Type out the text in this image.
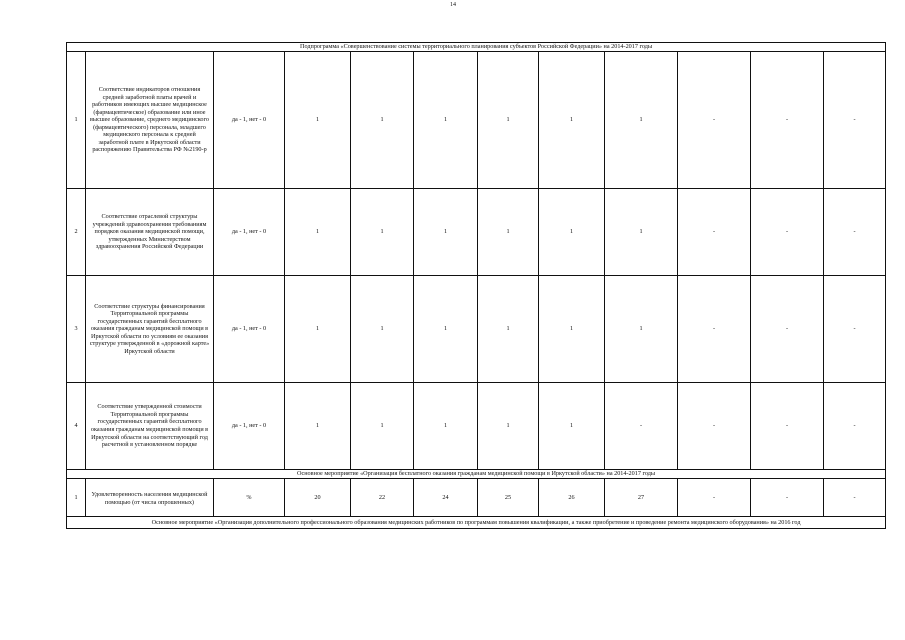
14
Подпрограмма «Совершенствование системы территориального планирования субъектов Российской Федерации» на 2014-2017 годы											
1	Соответствие индикаторов отношения средней заработной платы врачей и работников имеющих высшее медицинское (фармацевтическое) образование или иное высшее образование, среднего медицинского (фармацевтического) персонала, младшего медицинского персонала к средней заработной плате в Иркутской области распоряжению Правительства РФ №2190-р	да - 1, нет - 0	1	1	1	1	1	1	-	-	-
2	Соответствие отраслевой структуры учреждений здравоохранения требованиям порядков оказания медицинской помощи, утвержденных Министерством здравоохранения Российской Федерации	да - 1, нет - 0	1	1	1	1	1	1	-	-	-
3	Соответствие структуры финансирования Территориальной программы государственных гарантий бесплатного оказания гражданам медицинской помощи в Иркутской области по условиям ее оказания структуре утвержденной в «дорожной карте» Иркутской области	да - 1, нет - 0	1	1	1	1	1	1	-	-	-
4	Соответствие утвержденной стоимости Территориальной программы государственных гарантий бесплатного оказания гражданам медицинской помощи в Иркутской области на соответствующий год расчетной в установленном порядке	да - 1, нет - 0	1	1	1	1	1	-	-	-	-
Основное мероприятие «Организация бесплатного оказания гражданам медицинской помощи в Иркутской области» на 2014-2017 годы											
1	Удовлетворенность населения медицинской помощью (от числа опрошенных)	%	20	22	24	25	26	27	-	-	-
Основное мероприятие «Организация дополнительного профессионального образования медицинских работников по программам повышения квалификации, а также приобретение и проведение ремонта медицинского оборудования» на 2016 год											
